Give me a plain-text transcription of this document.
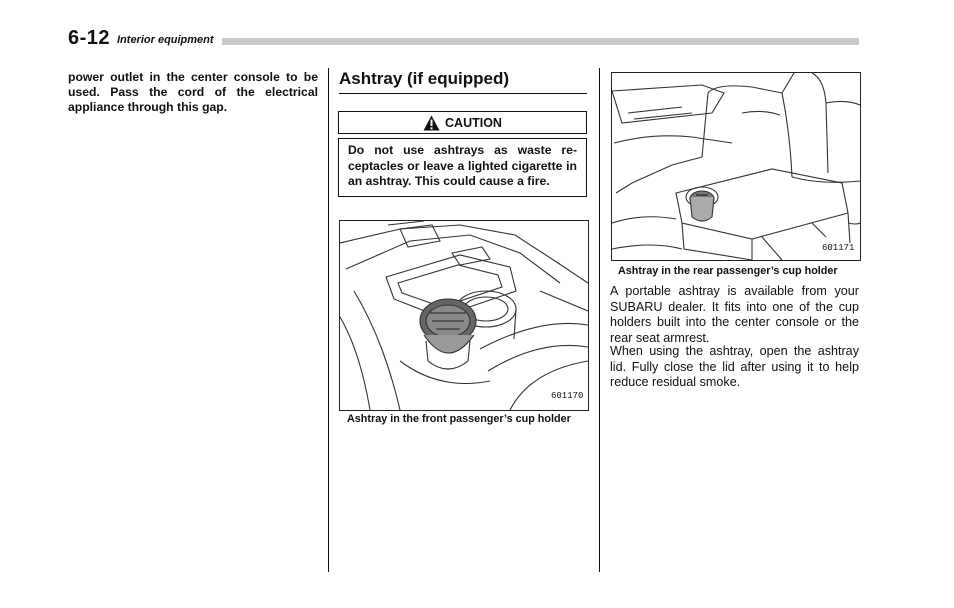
6-12 Interior equipment
power outlet in the center console to be used. Pass the cord of the electrical appliance through this gap.
Ashtray (if equipped)
CAUTION
Do not use ashtrays as waste re-ceptacles or leave a lighted cigarette in an ashtray. This could cause a fire.
601170
Ashtray in the front passenger’s cup holder
601171
Ashtray in the rear passenger’s cup holder
A portable ashtray is available from your SUBARU dealer. It fits into one of the cup holders built into the center console or the rear seat armrest.
When using the ashtray, open the ashtray lid. Fully close the lid after using it to help reduce residual smoke.
